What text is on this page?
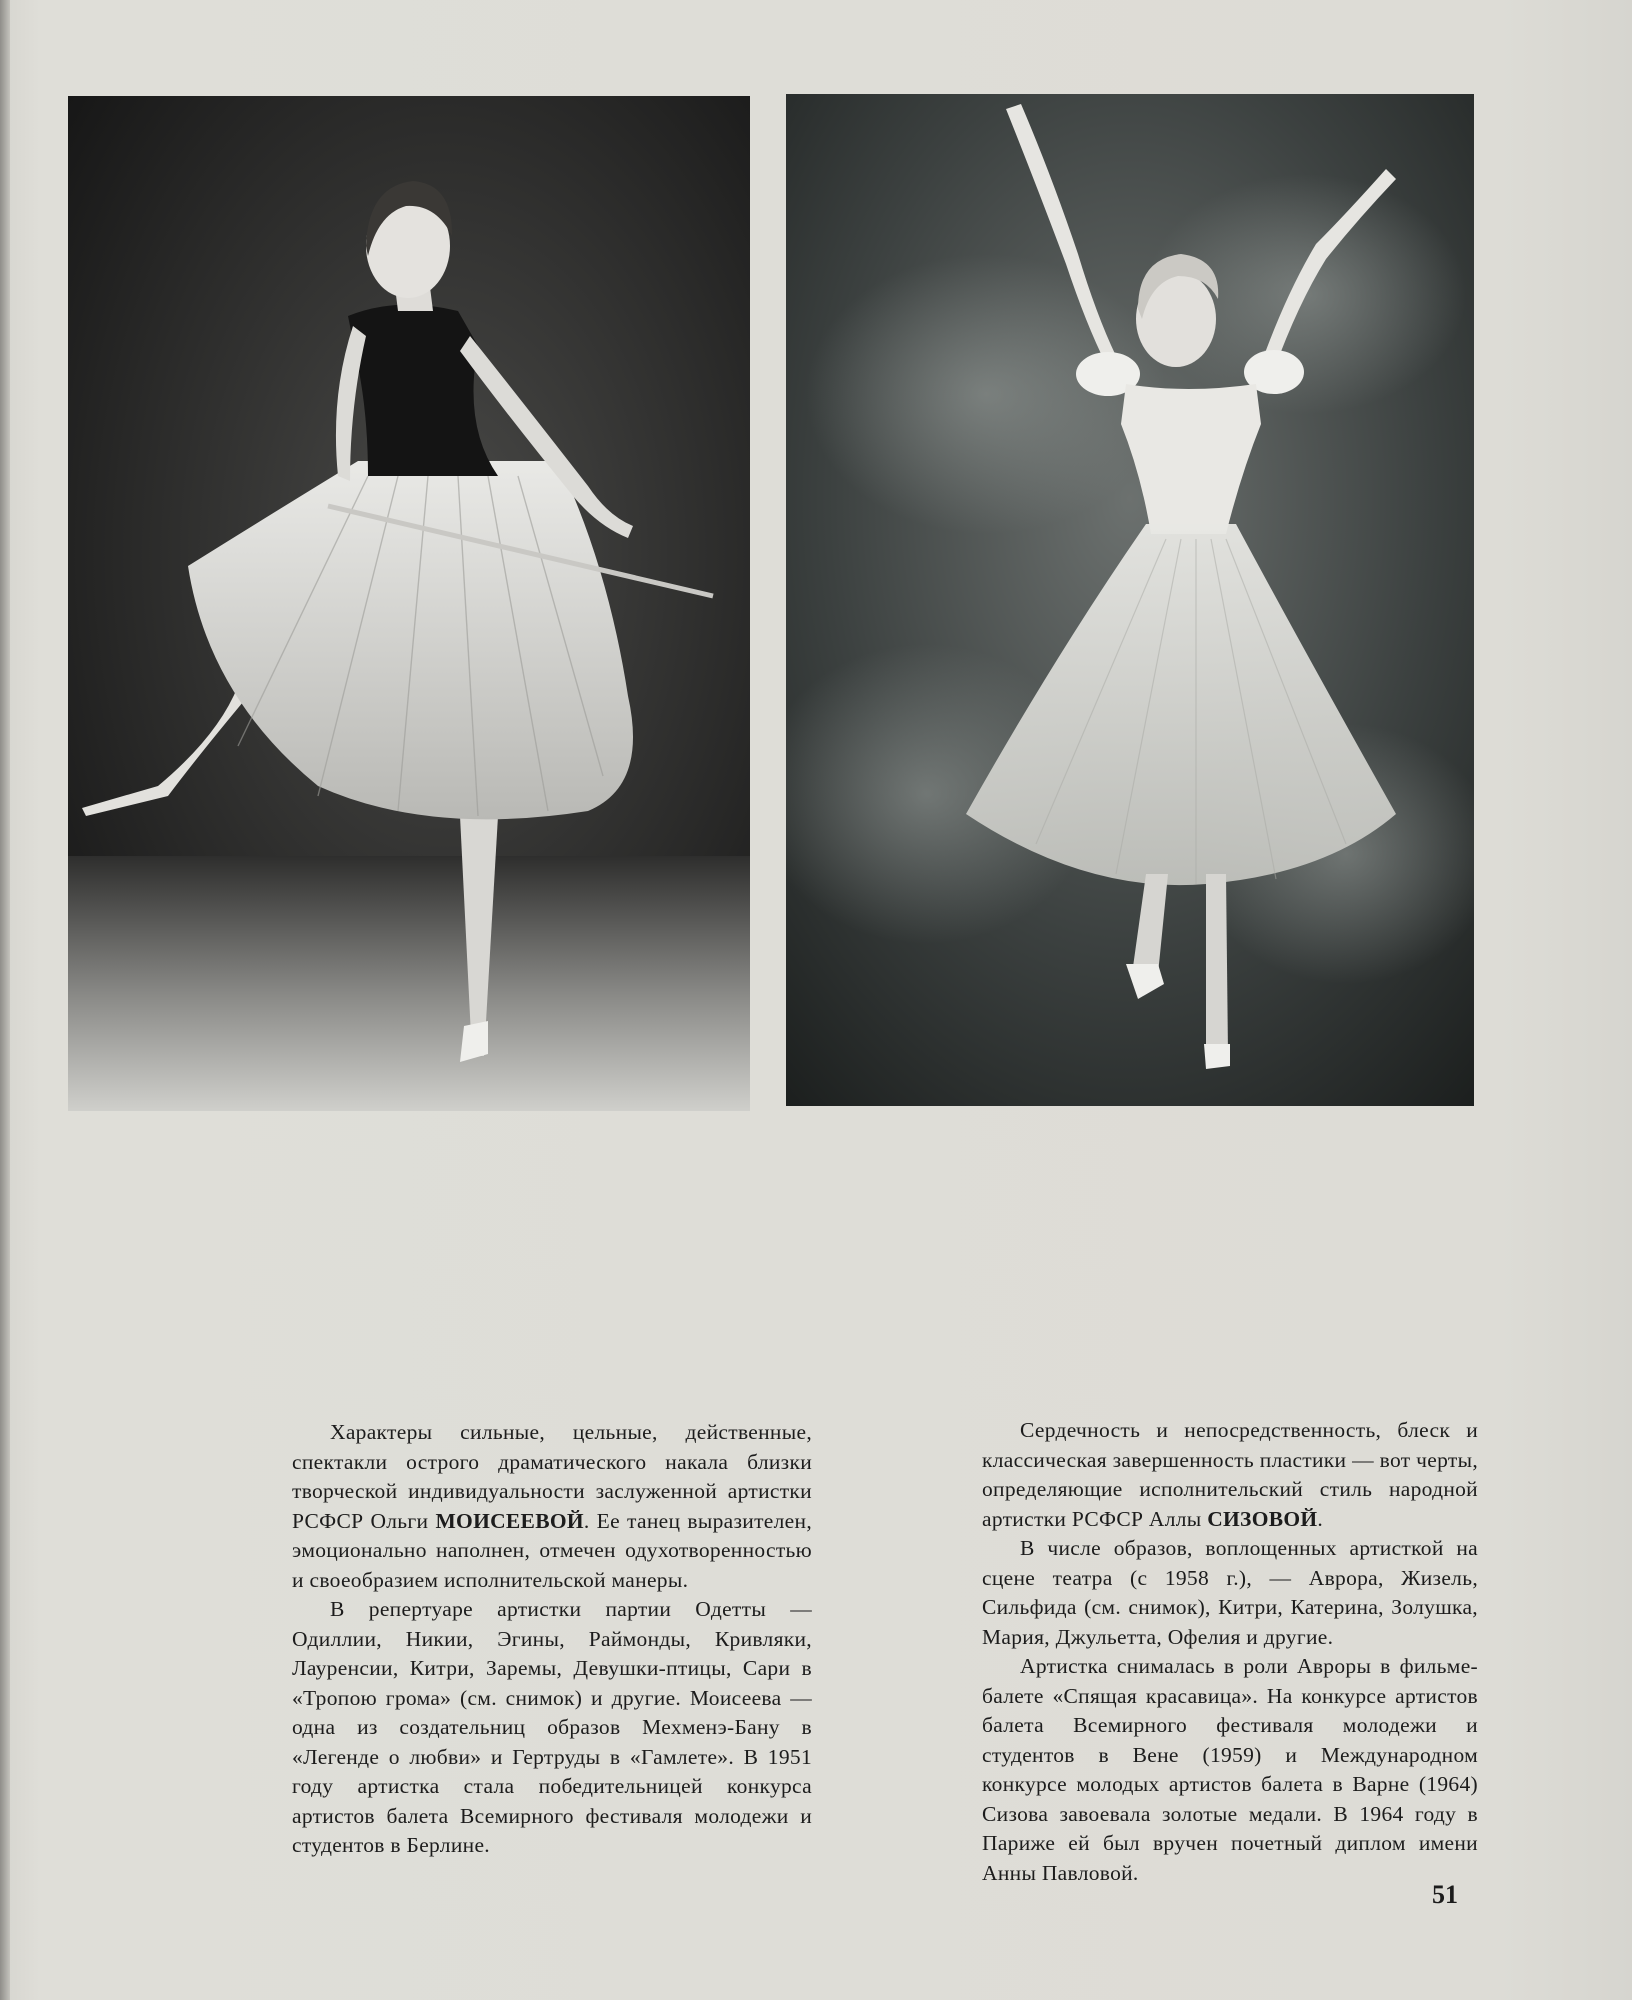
Характеры сильные, цельные, действенные, спектакли острого драматического накала близки творческой индивидуальности заслуженной артистки РСФСР Ольги МОИСЕЕВОЙ. Ее танец выразителен, эмоционально наполнен, отмечен одухотворенностью и своеобразием исполнительской манеры.

В репертуаре артистки партии Одетты — Одиллии, Никии, Эгины, Раймонды, Кривляки, Лауренсии, Китри, Заремы, Девушки-птицы, Сари в «Тропою грома» (см. снимок) и другие. Моисеева — одна из создательниц образов Мехменэ-Бану в «Легенде о любви» и Гертруды в «Гамлете». В 1951 году артистка стала победительницей конкурса артистов балета Всемирного фестиваля молодежи и студентов в Берлине.

Сердечность и непосредственность, блеск и классическая завершенность пластики — вот черты, определяющие исполнительский стиль народной артистки РСФСР Аллы СИЗОВОЙ.

В числе образов, воплощенных артисткой на сцене театра (с 1958 г.), — Аврора, Жизель, Сильфида (см. снимок), Китри, Катерина, Золушка, Мария, Джульетта, Офелия и другие.

Артистка снималась в роли Авроры в фильме-балете «Спящая красавица». На конкурсе артистов балета Всемирного фестиваля молодежи и студентов в Вене (1959) и Международном конкурсе молодых артистов балета в Варне (1964) Сизова завоевала золотые медали. В 1964 году в Париже ей был вручен почетный диплом имени Анны Павловой.

51
